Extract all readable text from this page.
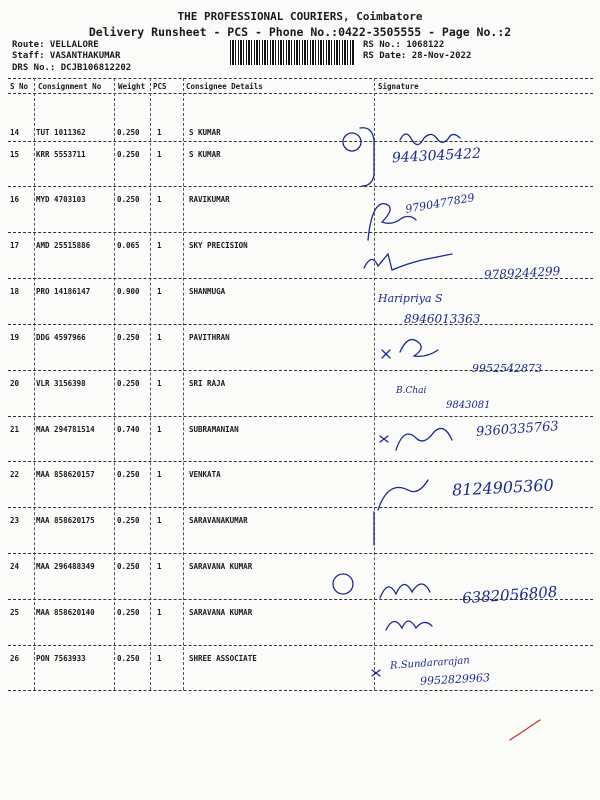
THE PROFESSIONAL COURIERS, Coimbatore
Delivery Runsheet - PCS - Phone No.:0422-3505555 - Page No.:2
Route: VELLALORE
Staff: VASANTHAKUMAR
DRS No.: DCJB106812202
RS No.: 1068122
RS Date: 28-Nov-2022
S No Consignment No Weight PCS	Consignee Details	Signature
14 TUT 1011362	0.250 1	S KUMAR
15 KRR 5553711	0.250 1	S KUMAR
16 MYD 4703103	0.250 1	RAVIKUMAR
17 AMD 25515886	0.065 1	SKY PRECISION
18 PRO 14186147	0.900 1	SHANMUGA
19 DDG 4597966	0.250 1	PAVITHRAN
20 VLR 3156398	0.250 1	SRI RAJA
21 MAA 294781514	0.740 1	SUBRAMANIAN
22 MAA 858620157	0.250 1	VENKATA
23 MAA 858620175	0.250 1	SARAVANAKUMAR
24 MAA 296488349	0.250 1	SARAVANA KUMAR
25 MAA 858620140	0.250 1	SARAVANA KUMAR
26 PON 7563933	0.250 1	SHREE ASSOCIATE
9443045422
9790477829
9789244299
Haripriya S
8946013363
9952542873
B.Chai
9843081
9360335763
8124905360
6382056808
R.Sundararajan
9952829963
